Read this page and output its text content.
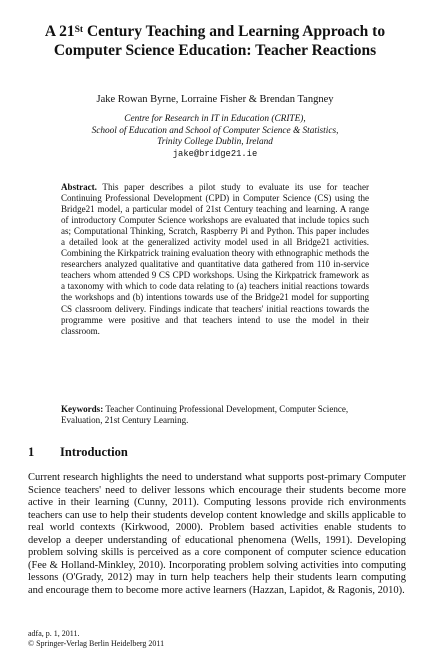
A 21St Century Teaching and Learning Approach to
Computer Science Education: Teacher Reactions
Jake Rowan Byrne, Lorraine Fisher & Brendan Tangney
Centre for Research in IT in Education (CRITE),
School of Education and School of Computer Science & Statistics,
Trinity College Dublin, Ireland
jake@bridge21.ie
Abstract. This paper describes a pilot study to evaluate its use for teacher Continuing Professional Development (CPD) in Computer Science (CS) using the Bridge21 model, a particular model of 21st Century teaching and learning. A range of introductory Computer Science workshops are evaluated that include topics such as; Computational Thinking, Scratch, Raspberry Pi and Python. This paper includes a detailed look at the generalized activity model used in all Bridge21 activities. Combining the Kirkpatrick training evaluation theory with ethnographic methods the researchers analyzed qualitative and quantitative data gathered from 110 in-service teachers whom attended 9 CS CPD workshops. Using the Kirkpatrick framework as a taxonomy with which to code data relating to (a) teachers initial reactions towards the workshops and (b) intentions towards use of the Bridge21 model for supporting CS classroom delivery. Findings indicate that teachers' initial reactions towards the programme were positive and that teachers intend to use the model in their classroom.
Keywords: Teacher Continuing Professional Development, Computer Science, Evaluation, 21st Century Learning.
1 Introduction
Current research highlights the need to understand what supports post-primary Computer Science teachers' need to deliver lessons which encourage their students become more active in their learning (Cunny, 2011). Computing lessons provide rich environments teachers can use to help their students develop content knowledge and skills applicable to real world contexts (Kirkwood, 2000). Problem based activities enable students to develop a deeper understanding of educational phenomena (Wells, 1991). Developing problem solving skills is perceived as a core component of computer science education (Fee & Holland-Minkley, 2010). Incorporating problem solving activities into computing lessons (O'Grady, 2012) may in turn help teachers help their students learn computing and encourage them to become more active learners (Hazzan, Lapidot, & Ragonis, 2010).
adfa, p. 1, 2011.
© Springer-Verlag Berlin Heidelberg 2011
